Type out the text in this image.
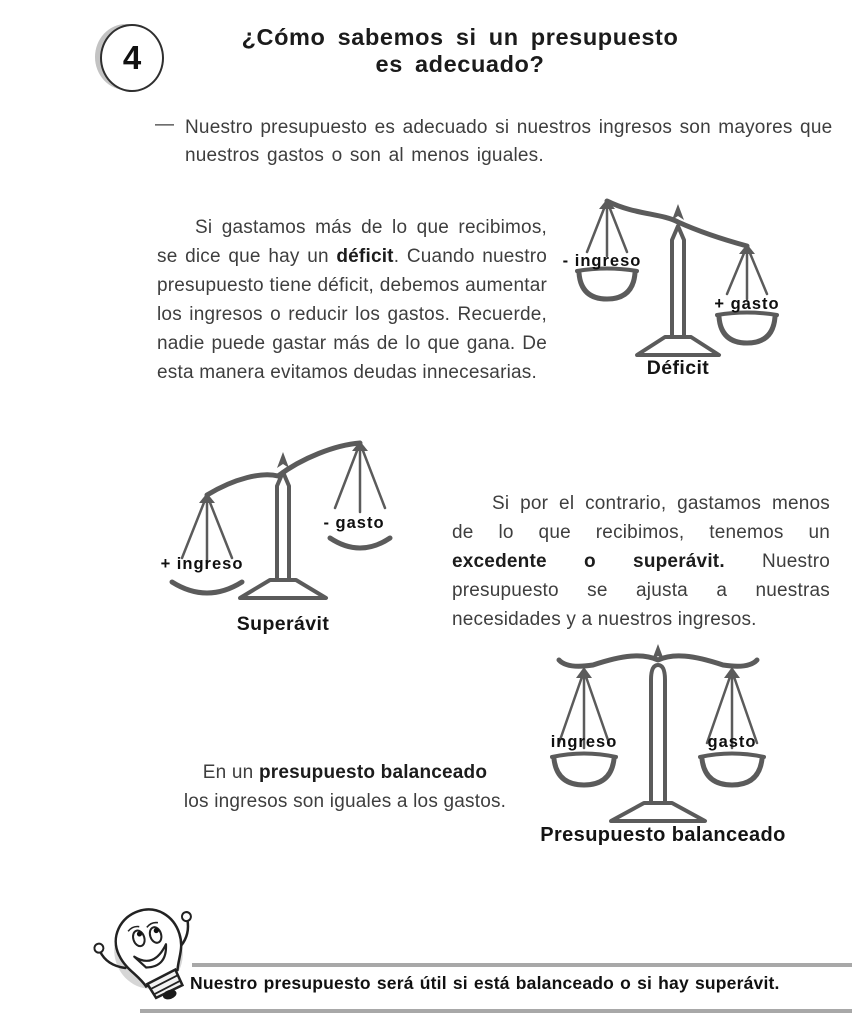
4
¿Cómo sabemos si un presupuesto
es adecuado?
— Nuestro presupuesto es adecuado si nuestros ingresos son mayores que nuestros gastos o son al menos iguales.

Si gastamos más de lo que recibimos, se dice que hay un déficit. Cuando nuestro presupuesto tiene déficit, debemos aumentar los ingresos o reducir los gastos. Recuerde, nadie puede gastar más de lo que gana. De esta manera evitamos deudas innecesarias.

- ingreso
+ gasto
Déficit
+ ingreso
- gasto
Superávit

Si por el contrario, gastamos menos de lo que recibimos, tenemos un excedente o superávit. Nuestro presupuesto se ajusta a nuestras necesidades y a nuestros ingresos.

En un presupuesto balanceado
los ingresos son iguales a los gastos.

ingreso	gasto
Presupuesto balanceado
Nuestro presupuesto será útil si está balanceado o si hay superávit.
